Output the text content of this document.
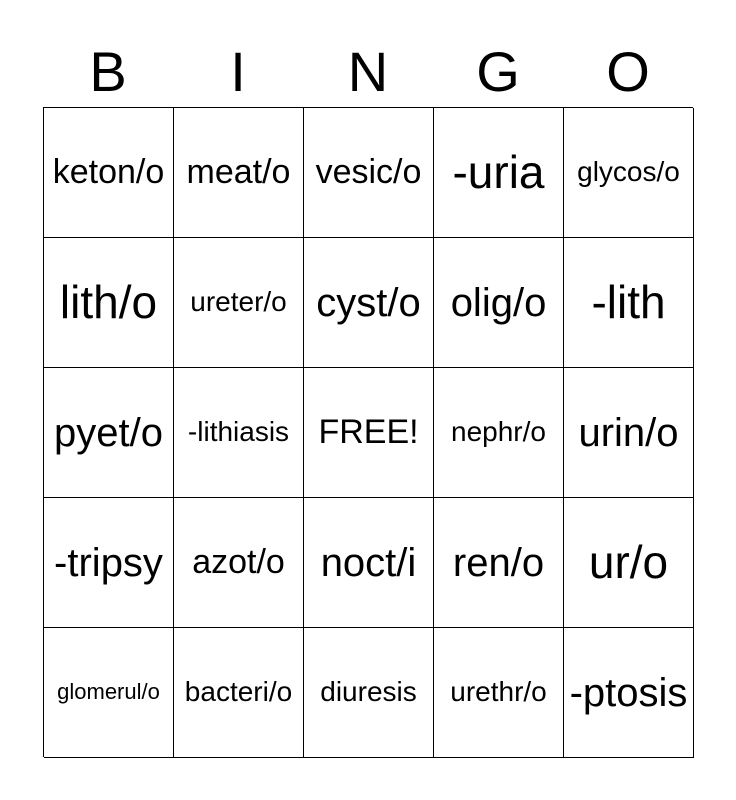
B	I	N	G	O
keton/o meat/o vesic/o -uria glycos/o
lith/o ureter/o cyst/o olig/o -lith
pyet/o -lithiasis FREE! nephr/o urin/o
-tripsy azot/o noct/i ren/o ur/o
glomerul/o bacteri/o diuresis urethr/o -ptosis
